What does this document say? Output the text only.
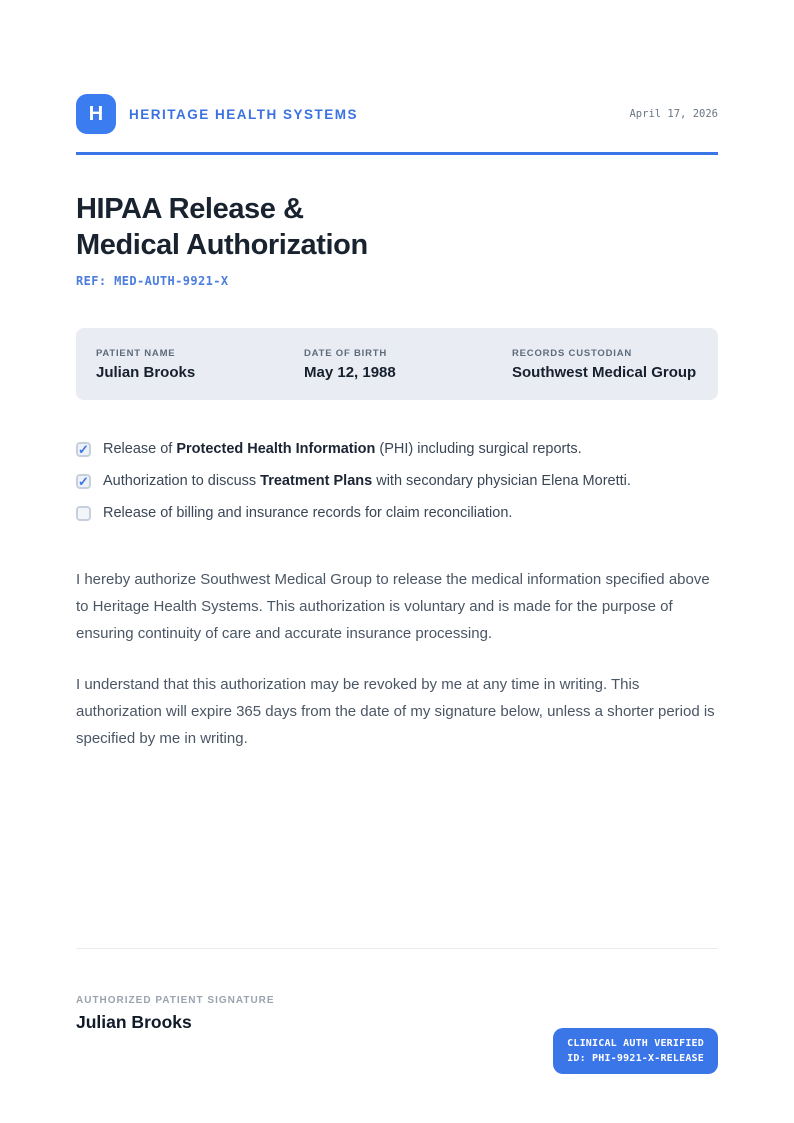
H HERITAGE HEALTH SYSTEMS	April 17, 2026
HIPAA Release &
Medical Authorization
REF: MED-AUTH-9921-X
PATIENT NAME
Julian Brooks
DATE OF BIRTH
May 12, 1988
RECORDS CUSTODIAN
Southwest Medical Group
✓ Release of Protected Health Information (PHI) including surgical reports.
✓ Authorization to discuss Treatment Plans with secondary physician Elena Moretti.
Release of billing and insurance records for claim reconciliation.

I hereby authorize Southwest Medical Group to release the medical information specified above to Heritage Health Systems. This authorization is voluntary and is made for the purpose of ensuring continuity of care and accurate insurance processing.

I understand that this authorization may be revoked by me at any time in writing. This authorization will expire 365 days from the date of my signature below, unless a shorter period is specified by me in writing.

AUTHORIZED PATIENT SIGNATURE
Julian Brooks
CLINICAL AUTH VERIFIED
ID: PHI-9921-X-RELEASE
